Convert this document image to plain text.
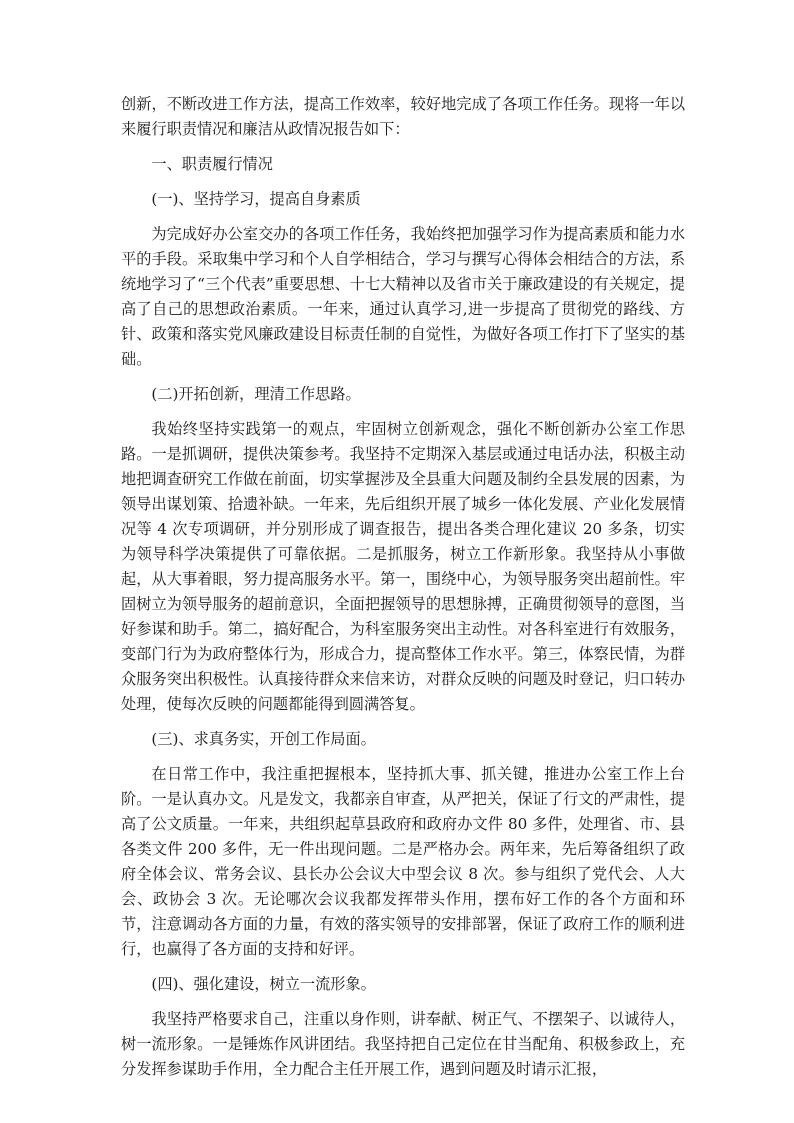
创新，不断改进工作方法，提高工作效率，较好地完成了各项工作任务。现将一年以来履行职责情况和廉洁从政情况报告如下：

一、职责履行情况

(一)、坚持学习，提高自身素质

为完成好办公室交办的各项工作任务，我始终把加强学习作为提高素质和能力水平的手段。采取集中学习和个人自学相结合，学习与撰写心得体会相结合的方法，系统地学习了“三个代表”重要思想、十七大精神以及省市关于廉政建设的有关规定，提高了自己的思想政治素质。一年来，通过认真学习,进一步提高了贯彻党的路线、方针、政策和落实党风廉政建设目标责任制的自觉性，为做好各项工作打下了坚实的基础。

(二)开拓创新，理清工作思路。

我始终坚持实践第一的观点，牢固树立创新观念，强化不断创新办公室工作思路。一是抓调研，提供决策参考。我坚持不定期深入基层或通过电话办法，积极主动地把调查研究工作做在前面，切实掌握涉及全县重大问题及制约全县发展的因素，为领导出谋划策、拾遗补缺。一年来，先后组织开展了城乡一体化发展、产业化发展情况等 4 次专项调研，并分别形成了调查报告，提出各类合理化建议 20 多条，切实为领导科学决策提供了可靠依据。二是抓服务，树立工作新形象。我坚持从小事做起，从大事着眼，努力提高服务水平。第一，围绕中心，为领导服务突出超前性。牢固树立为领导服务的超前意识，全面把握领导的思想脉搏，正确贯彻领导的意图，当好参谋和助手。第二，搞好配合，为科室服务突出主动性。对各科室进行有效服务，变部门行为为政府整体行为，形成合力，提高整体工作水平。第三，体察民情，为群众服务突出积极性。认真接待群众来信来访，对群众反映的问题及时登记，归口转办处理，使每次反映的问题都能得到圆满答复。

(三)、求真务实，开创工作局面。

在日常工作中，我注重把握根本，坚持抓大事、抓关键，推进办公室工作上台阶。一是认真办文。凡是发文，我都亲自审查，从严把关，保证了行文的严肃性，提高了公文质量。一年来，共组织起草县政府和政府办文件 80 多件，处理省、市、县各类文件 200 多件，无一件出现问题。二是严格办会。两年来，先后筹备组织了政府全体会议、常务会议、县长办公会议大中型会议 8 次。参与组织了党代会、人大会、政协会 3 次。无论哪次会议我都发挥带头作用，摆布好工作的各个方面和环节，注意调动各方面的力量，有效的落实领导的安排部署，保证了政府工作的顺利进行，也赢得了各方面的支持和好评。

(四)、强化建设，树立一流形象。

我坚持严格要求自己，注重以身作则，讲奉献、树正气、不摆架子、以诚待人，树一流形象。一是锤炼作风讲团结。我坚持把自己定位在甘当配角、积极参政上，充分发挥参谋助手作用，全力配合主任开展工作，遇到问题及时请示汇报，
